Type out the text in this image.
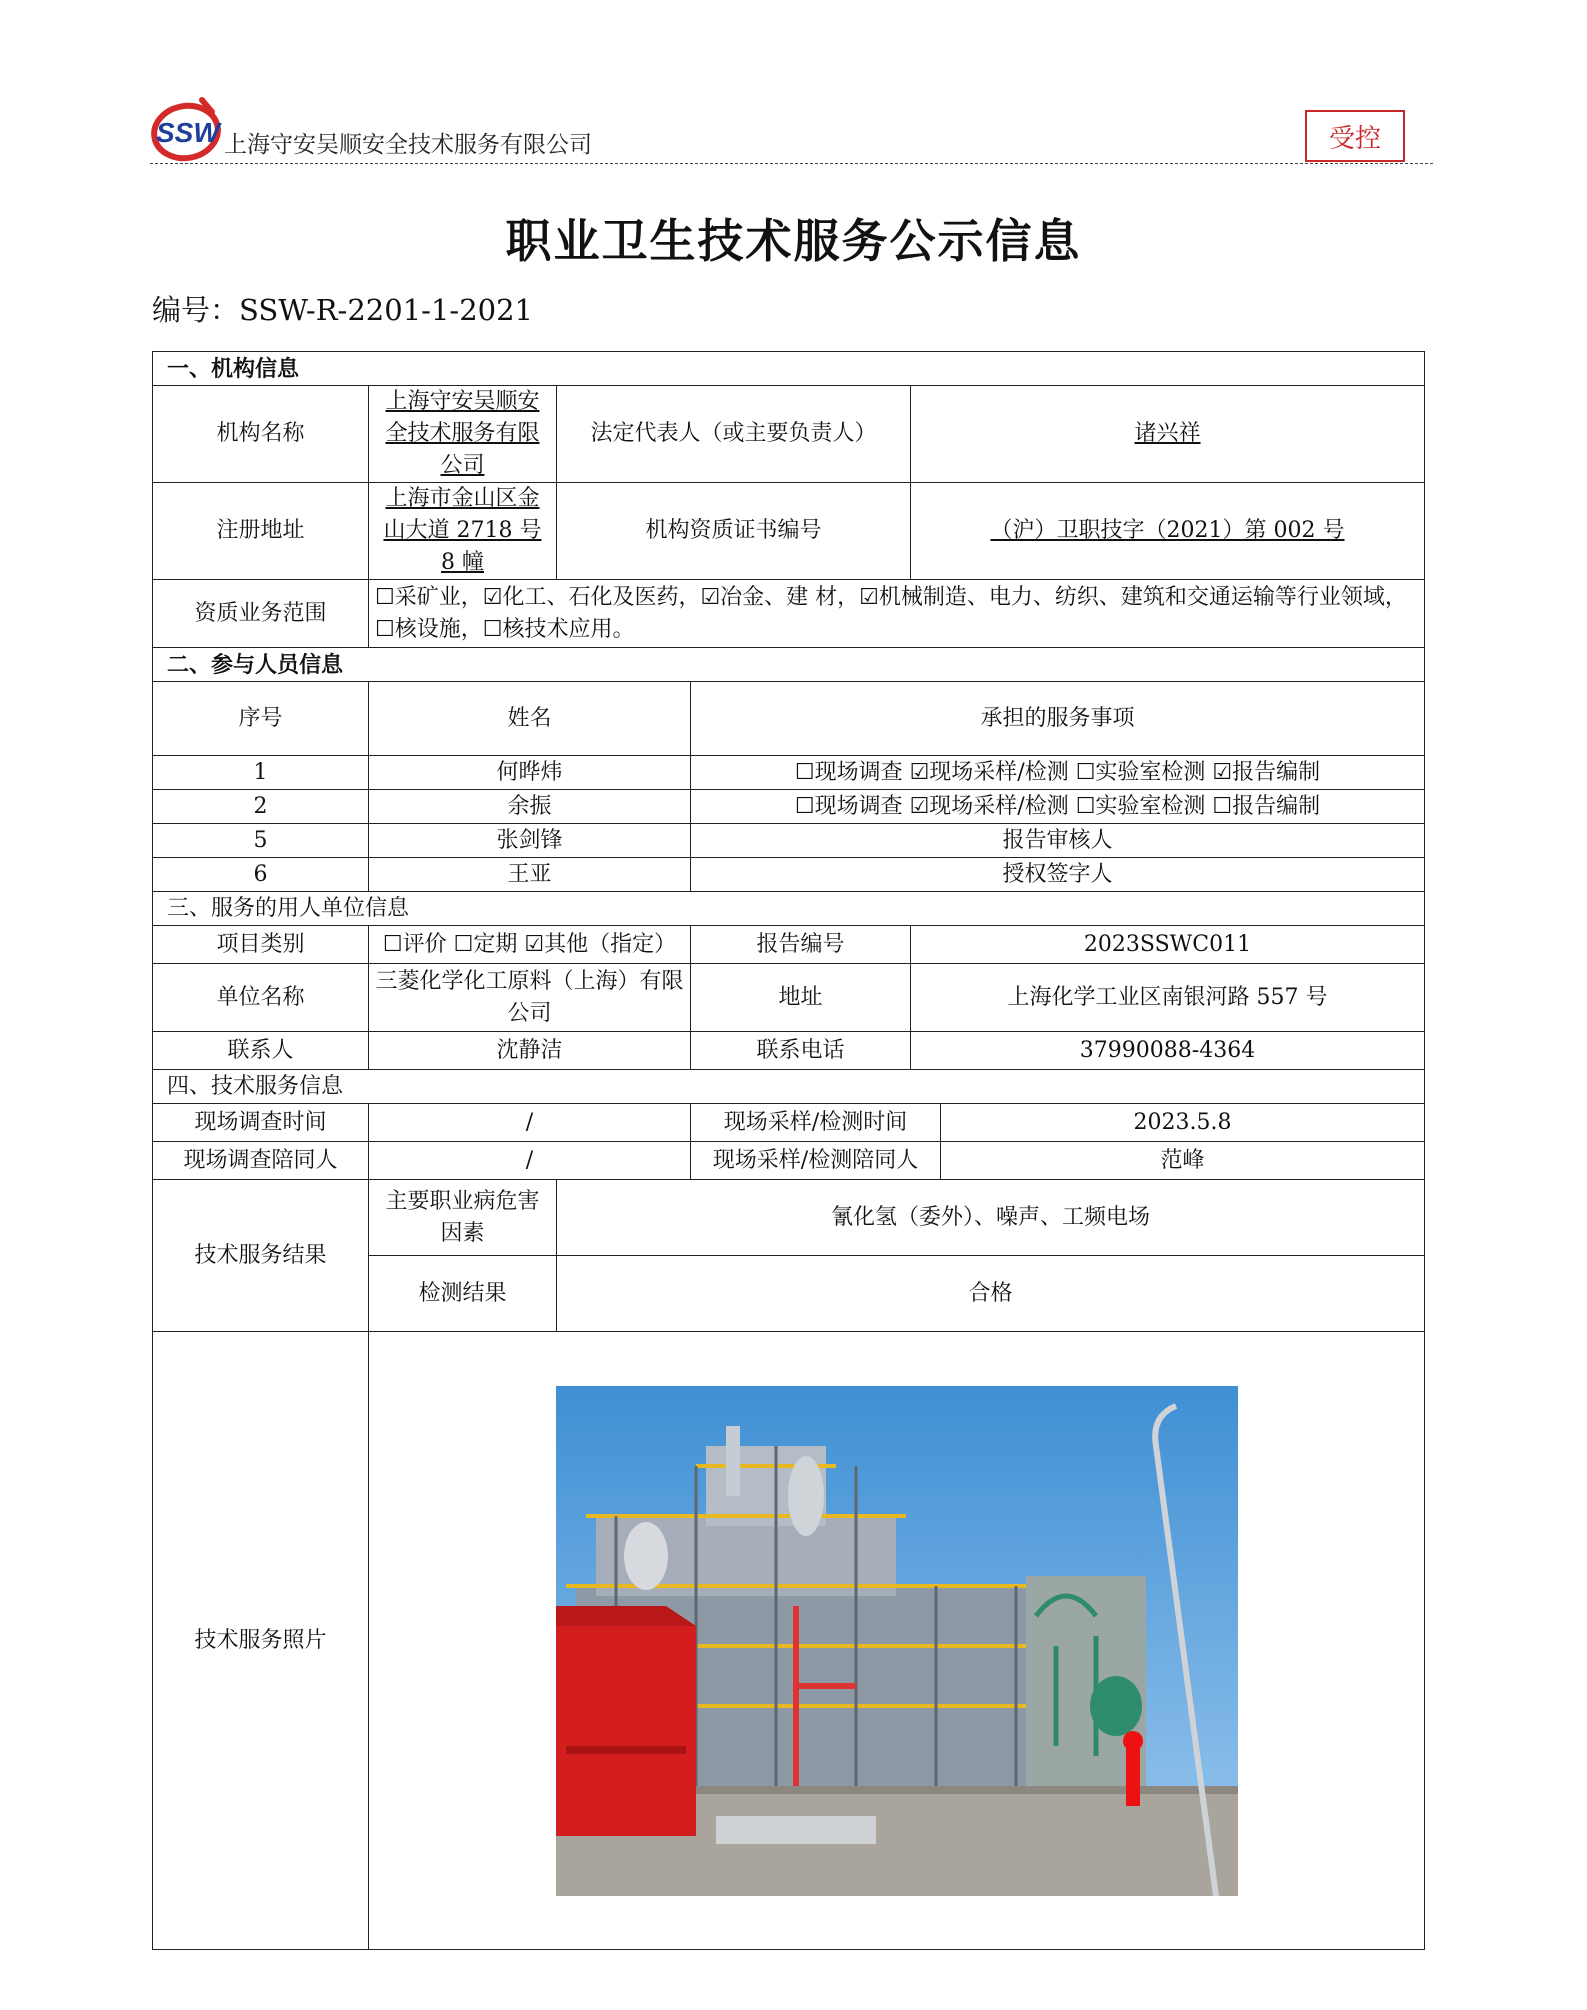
SSW 上海守安吴顺安全技术服务有限公司	受控
职业卫生技术服务公示信息
编号：SSW-R-2201-1-2021
一、机构信息					
机构名称	上海守安吴顺安全技术服务有限公司	法定代表人（或主要负责人）		诸兴祥	
注册地址	上海市金山区金山大道 2718 号 8 幢	机构资质证书编号		（沪）卫职技字（2021）第 002 号	
资质业务范围	☐采矿业，☑化工、石化及医药，☑冶金、建 材，☑机械制造、电力、纺织、建筑和交通运输等行业领域，☐核设施，☐核技术应用。				
二、参与人员信息					
序号	姓名		承担的服务事项		
1	何晔炜		☐现场调查 ☑现场采样/检测 ☐实验室检测 ☑报告编制		
2	余振		☐现场调查 ☑现场采样/检测 ☐实验室检测 ☐报告编制		
5	张剑锋		报告审核人		
6	王亚		授权签字人		
三、服务的用人单位信息					
项目类别	☐评价 ☐定期 ☑其他（指定）		报告编号	2023SSWC011	
单位名称	三菱化学化工原料（上海）有限公司		地址	上海化学工业区南银河路 557 号	
联系人	沈静洁		联系电话	37990088-4364	
四、技术服务信息					
现场调查时间	/		现场采样/检测时间		2023.5.8
现场调查陪同人	/		现场采样/检测陪同人		范峰
技术服务结果	主要职业病危害因素	氰化氢（委外）、噪声、工频电场			
	检测结果	合格			
技术服务照片	
